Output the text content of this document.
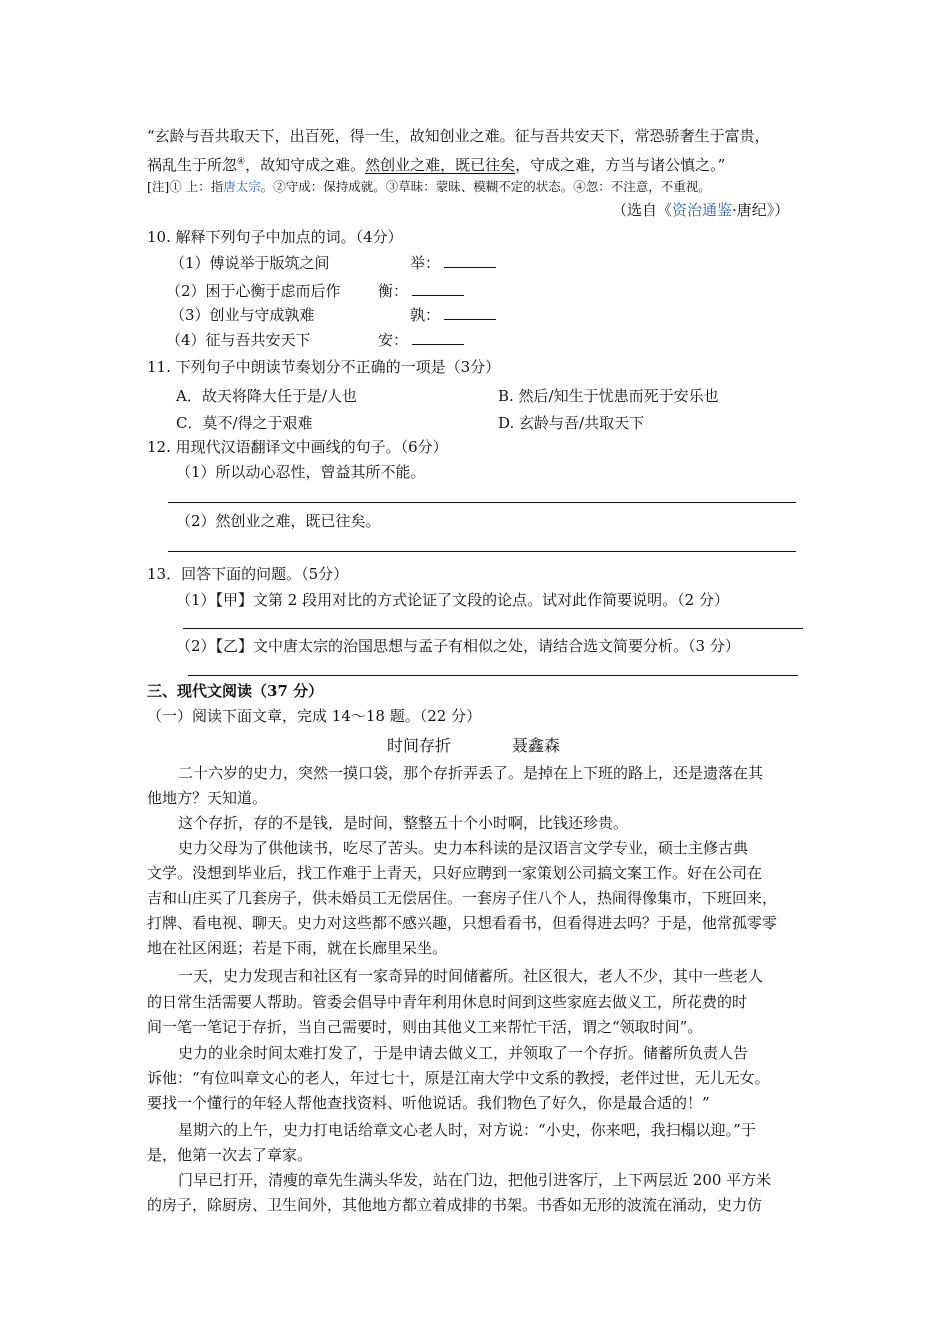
“玄龄与吾共取天下，出百死，得一生，故知创业之难。征与吾共安天下，常恐骄奢生于富贵，
祸乱生于所忽④，故知守成之难。然创业之难，既已往矣，守成之难，方当与诸公慎之。”
[注]① 上：指唐太宗。②守成：保持成就。③草昧：蒙昧、模糊不定的状态。④忽：不注意，不重视。
（选自《资治通鉴·唐纪》）
10. 解释下列句子中加点的词。（4分）
（1）傅说举于版筑之间	举：
（2）困于心衡于虑而后作 衡：
（3）创业与守成孰难	孰：
（4）征与吾共安天下	安：
11. 下列句子中朗读节奏划分不正确的一项是（3分）
A．故天将降大任于是/人也	B. 然后/知生于忧患而死于安乐也
C．莫不/得之于艰难	D. 玄龄与吾/共取天下
12. 用现代汉语翻译文中画线的句子。（6分）
（1）所以动心忍性，曾益其所不能。
（2）然创业之难，既已往矣。
13．回答下面的问题。（5分）
（1）【甲】文第 2 段用对比的方式论证了文段的论点。试对此作简要说明。（2 分）
（2）【乙】文中唐太宗的治国思想与孟子有相似之处，请结合选文简要分析。（3 分）
三、现代文阅读（37 分）
（一）阅读下面文章，完成 14～18 题。（22 分）
时间存折	聂鑫森
二十六岁的史力，突然一摸口袋，那个存折弄丢了。是掉在上下班的路上，还是遗落在其
他地方？天知道。
这个存折，存的不是钱，是时间，整整五十个小时啊，比钱还珍贵。
史力父母为了供他读书，吃尽了苦头。史力本科读的是汉语言文学专业，硕士主修古典
文学。没想到毕业后，找工作难于上青天，只好应聘到一家策划公司搞文案工作。好在公司在
吉和山庄买了几套房子，供未婚员工无偿居住。一套房子住八个人，热闹得像集市，下班回来，
打牌、看电视、聊天。史力对这些都不感兴趣，只想看看书，但看得进去吗？于是，他常孤零零
地在社区闲逛；若是下雨，就在长廊里呆坐。
一天，史力发现吉和社区有一家奇异的时间储蓄所。社区很大，老人不少，其中一些老人
的日常生活需要人帮助。管委会倡导中青年利用休息时间到这些家庭去做义工，所花费的时
间一笔一笔记于存折，当自己需要时，则由其他义工来帮忙干活，谓之“领取时间”。
史力的业余时间太难打发了，于是申请去做义工，并领取了一个存折。储蓄所负责人告
诉他：“有位叫章文心的老人，年过七十，原是江南大学中文系的教授，老伴过世，无儿无女。
要找一个懂行的年轻人帮他查找资料、听他说话。我们物色了好久，你是最合适的！”
星期六的上午，史力打电话给章文心老人时，对方说：“小史，你来吧，我扫榻以迎。”于
是，他第一次去了章家。
门早已打开，清瘦的章先生满头华发，站在门边，把他引进客厅，上下两层近 200 平方米
的房子，除厨房、卫生间外，其他地方都立着成排的书架。书香如无形的波流在涌动，史力仿
